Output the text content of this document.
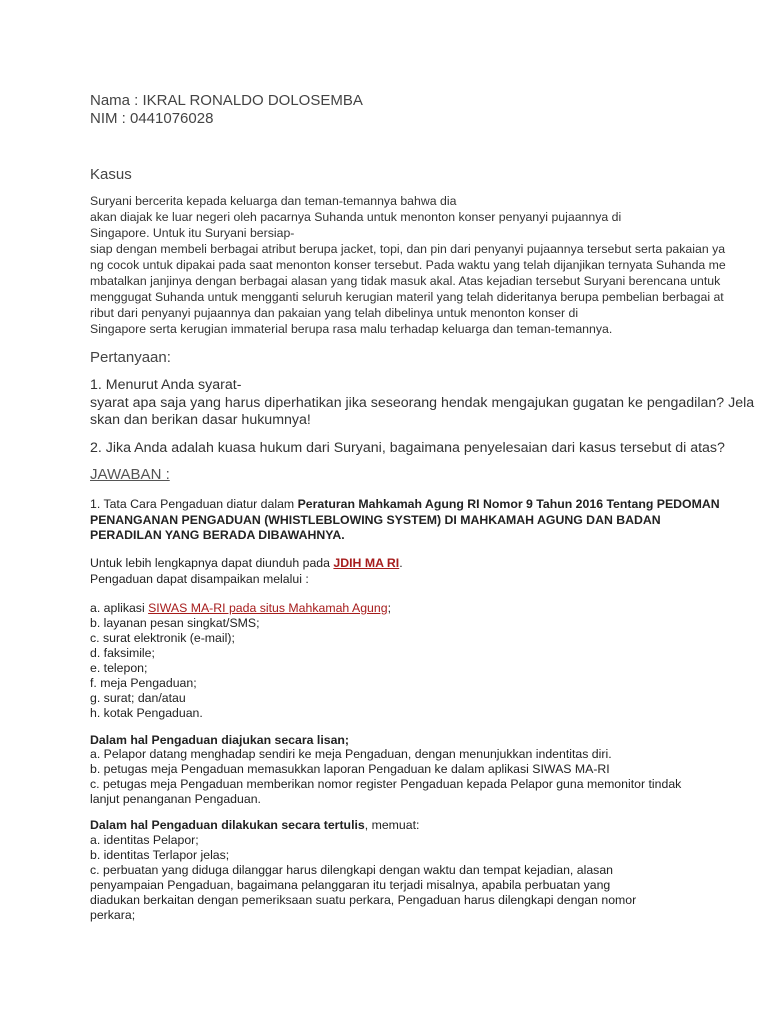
Nama : IKRAL RONALDO DOLOSEMBA
NIM : 0441076028
Kasus
Suryani bercerita kepada keluarga dan teman-temannya bahwa dia
akan diajak ke luar negeri oleh pacarnya Suhanda untuk menonton konser penyanyi pujaannya di
Singapore. Untuk itu Suryani bersiap-
siap dengan membeli berbagai atribut berupa jacket, topi, dan pin dari penyanyi pujaannya tersebut serta pakaian ya
ng cocok untuk dipakai pada saat menonton konser tersebut. Pada waktu yang telah dijanjikan ternyata Suhanda me
mbatalkan janjinya dengan berbagai alasan yang tidak masuk akal. Atas kejadian tersebut Suryani berencana untuk
menggugat Suhanda untuk mengganti seluruh kerugian materil yang telah dideritanya berupa pembelian berbagai at
ribut dari penyanyi pujaannya dan pakaian yang telah dibelinya untuk menonton konser di
Singapore serta kerugian immaterial berupa rasa malu terhadap keluarga dan teman-temannya.
Pertanyaan:
1. Menurut Anda syarat-
syarat apa saja yang harus diperhatikan jika seseorang hendak mengajukan gugatan ke pengadilan? Jela
skan dan berikan dasar hukumnya!
2. Jika Anda adalah kuasa hukum dari Suryani, bagaimana penyelesaian dari kasus tersebut di atas?
JAWABAN :
1. Tata Cara Pengaduan diatur dalam Peraturan Mahkamah Agung RI Nomor 9 Tahun 2016 Tentang PEDOMAN
PENANGANAN PENGADUAN (WHISTLEBLOWING SYSTEM) DI MAHKAMAH AGUNG DAN BADAN
PERADILAN YANG BERADA DIBAWAHNYA.
Untuk lebih lengkapnya dapat diunduh pada JDIH MA RI.
Pengaduan dapat disampaikan melalui :
a. aplikasi SIWAS MA-RI pada situs Mahkamah Agung;
b. layanan pesan singkat/SMS;
c. surat elektronik (e-mail);
d. faksimile;
e. telepon;
f. meja Pengaduan;
g. surat; dan/atau
h. kotak Pengaduan.
Dalam hal Pengaduan diajukan secara lisan;
a. Pelapor datang menghadap sendiri ke meja Pengaduan, dengan menunjukkan indentitas diri.
b. petugas meja Pengaduan memasukkan laporan Pengaduan ke dalam aplikasi SIWAS MA-RI
c. petugas meja Pengaduan memberikan nomor register Pengaduan kepada Pelapor guna memonitor tindak
lanjut penanganan Pengaduan.
Dalam hal Pengaduan dilakukan secara tertulis, memuat:
a. identitas Pelapor;
b. identitas Terlapor jelas;
c. perbuatan yang diduga dilanggar harus dilengkapi dengan waktu dan tempat kejadian, alasan
penyampaian Pengaduan, bagaimana pelanggaran itu terjadi misalnya, apabila perbuatan yang
diadukan berkaitan dengan pemeriksaan suatu perkara, Pengaduan harus dilengkapi dengan nomor
perkara;
